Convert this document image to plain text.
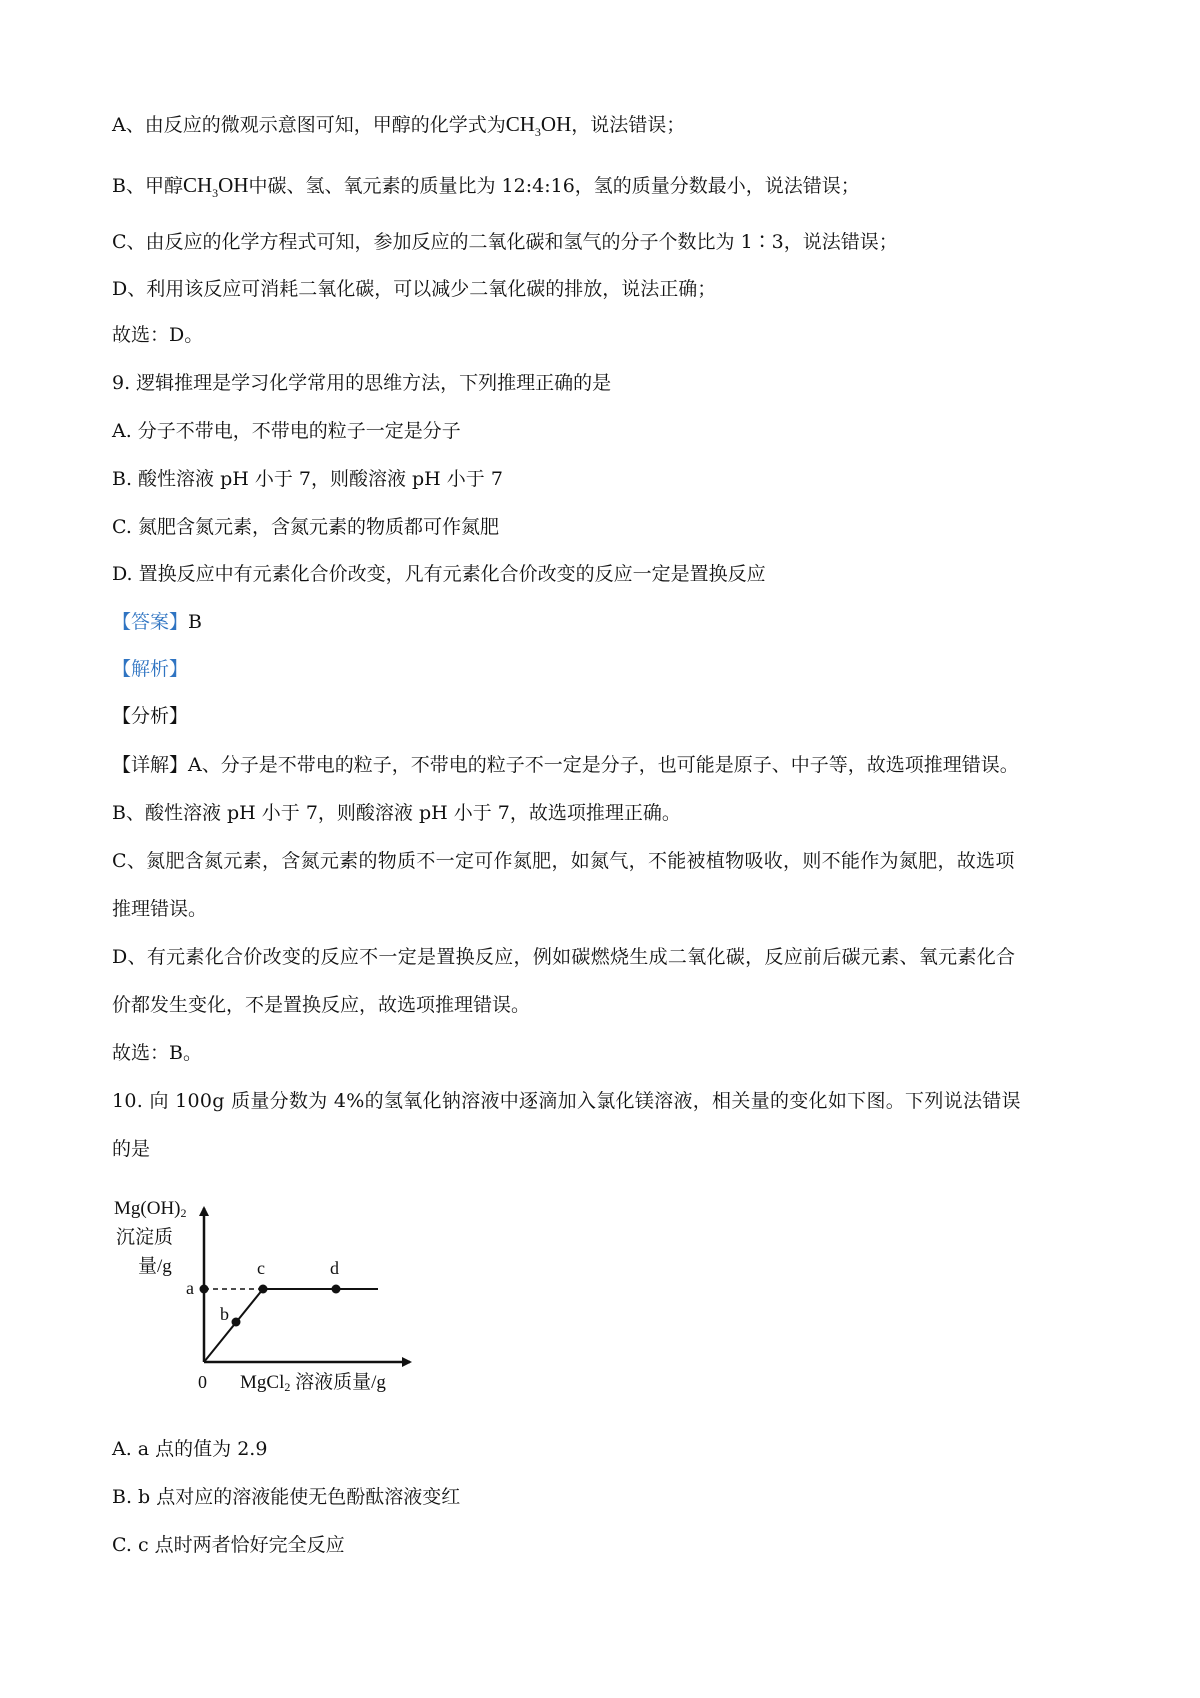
A、由反应的微观示意图可知，甲醇的化学式为$CH_3OH$，说法错误；
B、甲醇$CH_3OH$中碳、氢、氧元素的质量比为 12:4:16，氢的质量分数最小，说法错误；
C、由反应的化学方程式可知，参加反应的二氧化碳和氢气的分子个数比为 1∶3，说法错误；
D、利用该反应可消耗二氧化碳，可以减少二氧化碳的排放，说法正确；
故选：D。
9. 逻辑推理是学习化学常用的思维方法，下列推理正确的是
A. 分子不带电，不带电的粒子一定是分子
B. 酸性溶液 pH 小于 7，则酸溶液 pH 小于 7
C. 氮肥含氮元素，含氮元素的物质都可作氮肥
D. 置换反应中有元素化合价改变，凡有元素化合价改变的反应一定是置换反应
【答案】B
【解析】
【分析】
【详解】A、分子是不带电的粒子，不带电的粒子不一定是分子，也可能是原子、中子等，故选项推理错误。
B、酸性溶液 pH 小于 7，则酸溶液 pH 小于 7，故选项推理正确。
C、氮肥含氮元素，含氮元素的物质不一定可作氮肥，如氮气，不能被植物吸收，则不能作为氮肥，故选项
推理错误。
D、有元素化合价改变的反应不一定是置换反应，例如碳燃烧生成二氧化碳，反应前后碳元素、氧元素化合
价都发生变化，不是置换反应，故选项推理错误。
故选：B。
10. 向 100g 质量分数为 4%的氢氧化钠溶液中逐滴加入氯化镁溶液，相关量的变化如下图。下列说法错误
的是
Mg(OH)2
沉淀质
量/g
0
a
b
c	d
MgCl2 溶液质量/g
A. a 点的值为 2.9
B. b 点对应的溶液能使无色酚酞溶液变红
C. c 点时两者恰好完全反应
